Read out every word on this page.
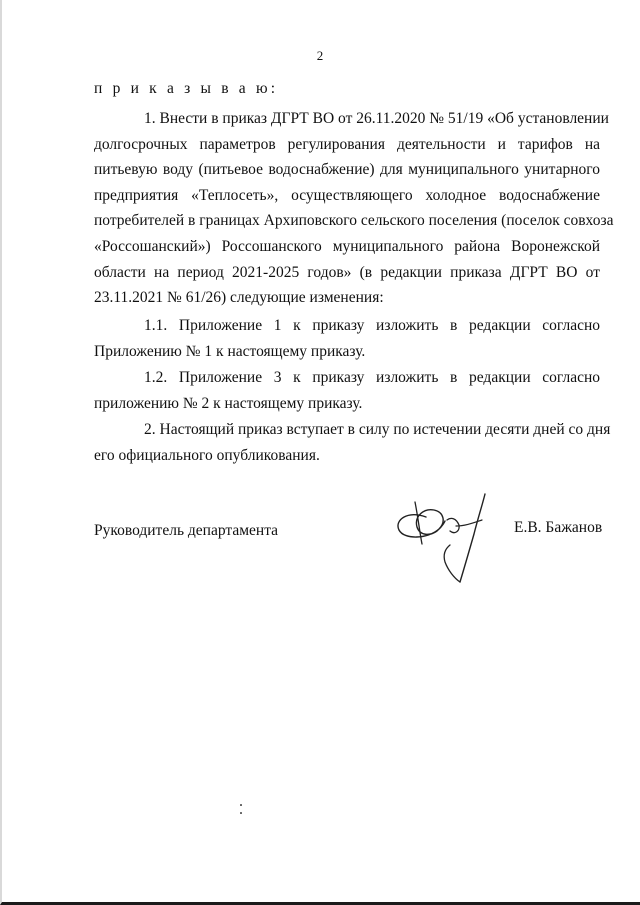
2
п р и к а з ы в а ю:
1. Внести в приказ ДГРТ ВО от 26.11.2020 № 51/19 «Об установлении
долгосрочных параметров регулирования деятельности и тарифов на
питьевую воду (питьевое водоснабжение) для муниципального унитарного
предприятия «Теплосеть», осуществляющего холодное водоснабжение
потребителей в границах Архиповского сельского поселения (поселок совхоза
«Россошанский») Россошанского муниципального района Воронежской
области на период 2021-2025 годов» (в редакции приказа ДГРТ ВО от
23.11.2021 № 61/26) следующие изменения:
1.1. Приложение 1 к приказу изложить в редакции согласно
Приложению № 1 к настоящему приказу.
1.2. Приложение 3 к приказу изложить в редакции согласно
приложению № 2 к настоящему приказу.
2. Настоящий приказ вступает в силу по истечении десяти дней со дня
его официального опубликования.
Руководитель департамента	Е.В. Бажанов
